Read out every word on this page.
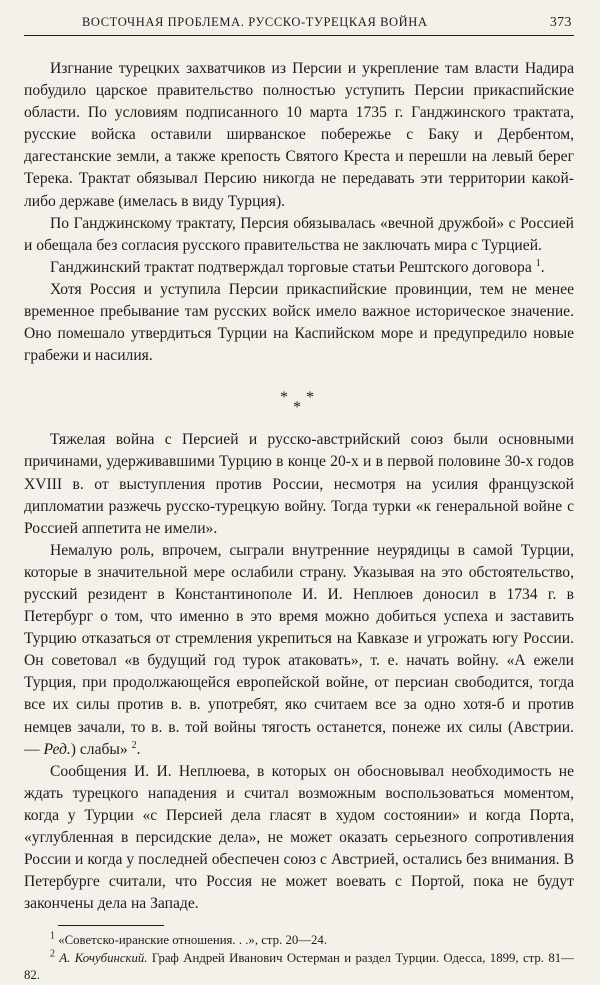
ВОСТОЧНАЯ ПРОБЛЕМА. РУССКО-ТУРЕЦКАЯ ВОЙНА	373

Изгнание турецких захватчиков из Персии и укрепление там власти Надира побудило царское правительство полностью уступить Персии прикаспийские области. По условиям подписанного 10 марта 1735 г. Ганджинского трактата, русские войска оставили ширванское побережье с Баку и Дербентом, дагестанские земли, а также крепость Святого Креста и перешли на левый берег Терека. Трактат обязывал Персию никогда не передавать эти территории какой-либо державе (имелась в виду Турция).

По Ганджинскому трактату, Персия обязывалась «вечной дружбой» с Россией и обещала без согласия русского правительства не заключать мира с Турцией.

Ганджинский трактат подтверждал торговые статьи Рештского договора $^1$.

Хотя Россия и уступила Персии прикаспийские провинции, тем не менее временное пребывание там русских войск имело важное историческое значение. Оно помешало утвердиться Турции на Каспийском море и предупредило новые грабежи и насилия.

* *
*

Тяжелая война с Персией и русско-австрийский союз были основными причинами, удерживавшими Турцию в конце 20-х и в первой половине 30-х годов XVIII в. от выступления против России, несмотря на усилия французской дипломатии разжечь русско-турецкую войну. Тогда турки «к генеральной войне с Россией аппетита не имели».

Немалую роль, впрочем, сыграли внутренние неурядицы в самой Турции, которые в значительной мере ослабили страну. Указывая на это обстоятельство, русский резидент в Константинополе И. И. Неплюев доносил в 1734 г. в Петербург о том, что именно в это время можно добиться успеха и заставить Турцию отказаться от стремления укрепиться на Кавказе и угрожать югу России. Он советовал «в будущий год турок атаковать», т. е. начать войну. «А ежели Турция, при продолжающейся европейской войне, от персиан свободится, тогда все их силы против в. в. употребят, яко считаем все за одно хотя-б и против немцев зачали, то в. в. той войны тягость останется, понеже их силы (Австрии.— Ред.) слабы» $^2$.

Сообщения И. И. Неплюева, в которых он обосновывал необходимость не ждать турецкого нападения и считал возможным воспользоваться моментом, когда у Турции «с Персией дела гласят в худом состоянии» и когда Порта, «углубленная в персидские дела», не может оказать серьезного сопротивления России и когда у последней обеспечен союз с Австрией, остались без внимания. В Петербурге считали, что Россия не может воевать с Портой, пока не будут закончены дела на Западе.

$^1$ «Советско-иранские отношения. . .», стр. 20—24.

$^2$ А. Кочубинский. Граф Андрей Иванович Остерман и раздел Турции. Одесса, 1899, стр. 81—82.
